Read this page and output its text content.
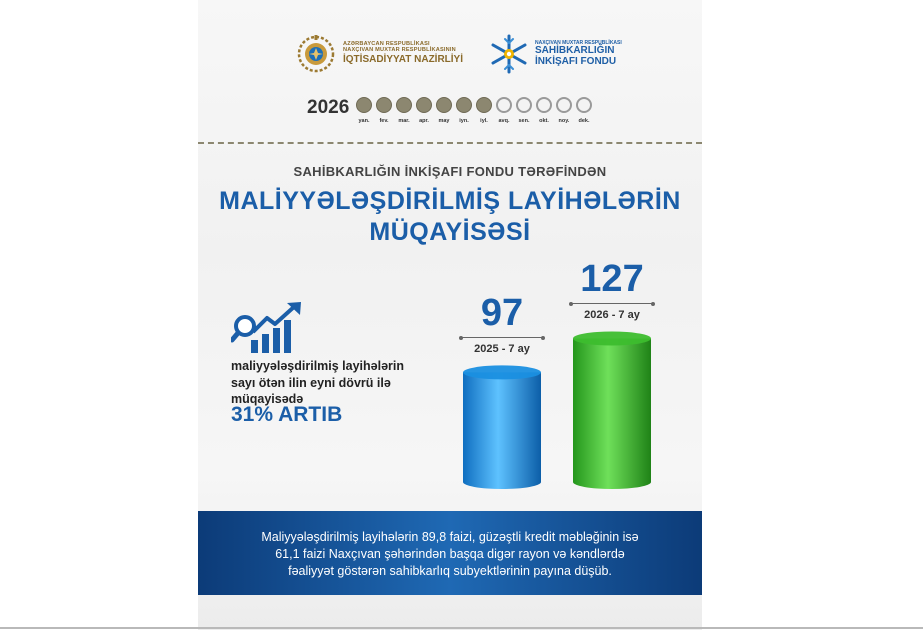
AZƏRBAYCAN RESPUBLİKASI
NAXÇIVAN MUXTAR RESPUBLİKASININ
İQTİSADİYYAT NAZİRLİYİ
NAXÇIVAN MUXTAR RESPUBLİKASI
SAHİBKARLIĞIN
İNKİŞAFI FONDU
2026
yan.	fev.	mar.	apr.	may	iyn.	iyl.	avq.	sen.	okt.	noy.	dek.
SAHİBKARLIĞIN İNKİŞAFI FONDU TƏRƏFİNDƏN
MALİYYƏLƏŞDİRİLMİŞ LAYİHƏLƏRİN
MÜQAYİSƏSİ
maliyyələşdirilmiş layihələrin
sayı ötən ilin eyni dövrü ilə
müqayisədə
31% ARTIB
97
2025 - 7 ay
127
2026 - 7 ay
Maliyyələşdirilmiş layihələrin 89,8 faizi, güzəştli kredit məbləğinin isə
61,1 faizi Naxçıvan şəhərindən başqa digər rayon və kəndlərdə
fəaliyyət göstərən sahibkarlıq subyektlərinin payına düşüb.
